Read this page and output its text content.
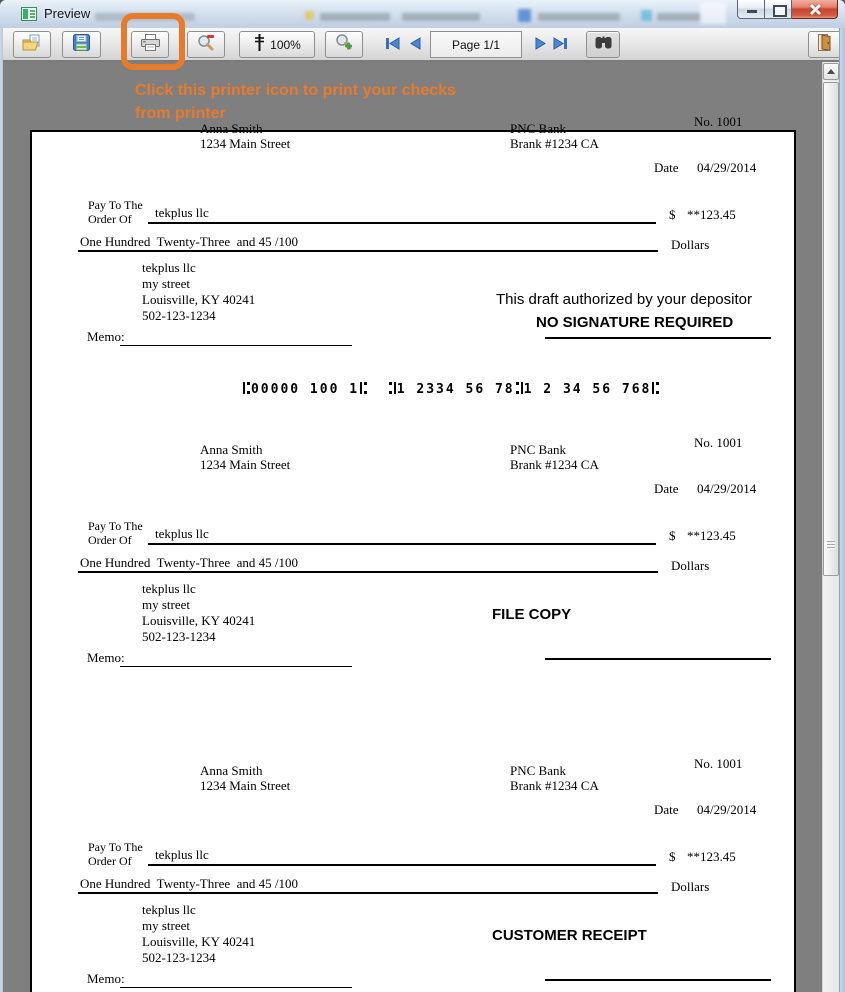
Preview
100%	Page 1/1
Click this printer icon to print your checks from printer	No. 1001
Anna Smith
1234 Main Street
PNC Bank
Brank #1234 CA
Date 04/29/2014
Pay To The
Order Of tekplus llc	$ **123.45
One Hundred  Twenty-Three  and 45 /100	Dollars
tekplus llc
my street
Louisville, KY 40241
502-123-1234
This draft authorized by your depositor
NO SIGNATURE REQUIRED
Memo:

00000 100 1	1 2334 56 78 1 2 34 56 768

No. 1001
Anna Smith
1234 Main Street
PNC Bank
Brank #1234 CA
Date 04/29/2014
Pay To The
Order Of tekplus llc	$ **123.45
One Hundred  Twenty-Three  and 45 /100	Dollars
tekplus llc
my street
Louisville, KY 40241
502-123-1234
FILE COPY
Memo:
No. 1001
Anna Smith
1234 Main Street
PNC Bank
Brank #1234 CA
Date 04/29/2014
Pay To The
Order Of tekplus llc	$ **123.45
One Hundred  Twenty-Three  and 45 /100	Dollars
tekplus llc
my street
Louisville, KY 40241
502-123-1234
CUSTOMER RECEIPT
Memo:
